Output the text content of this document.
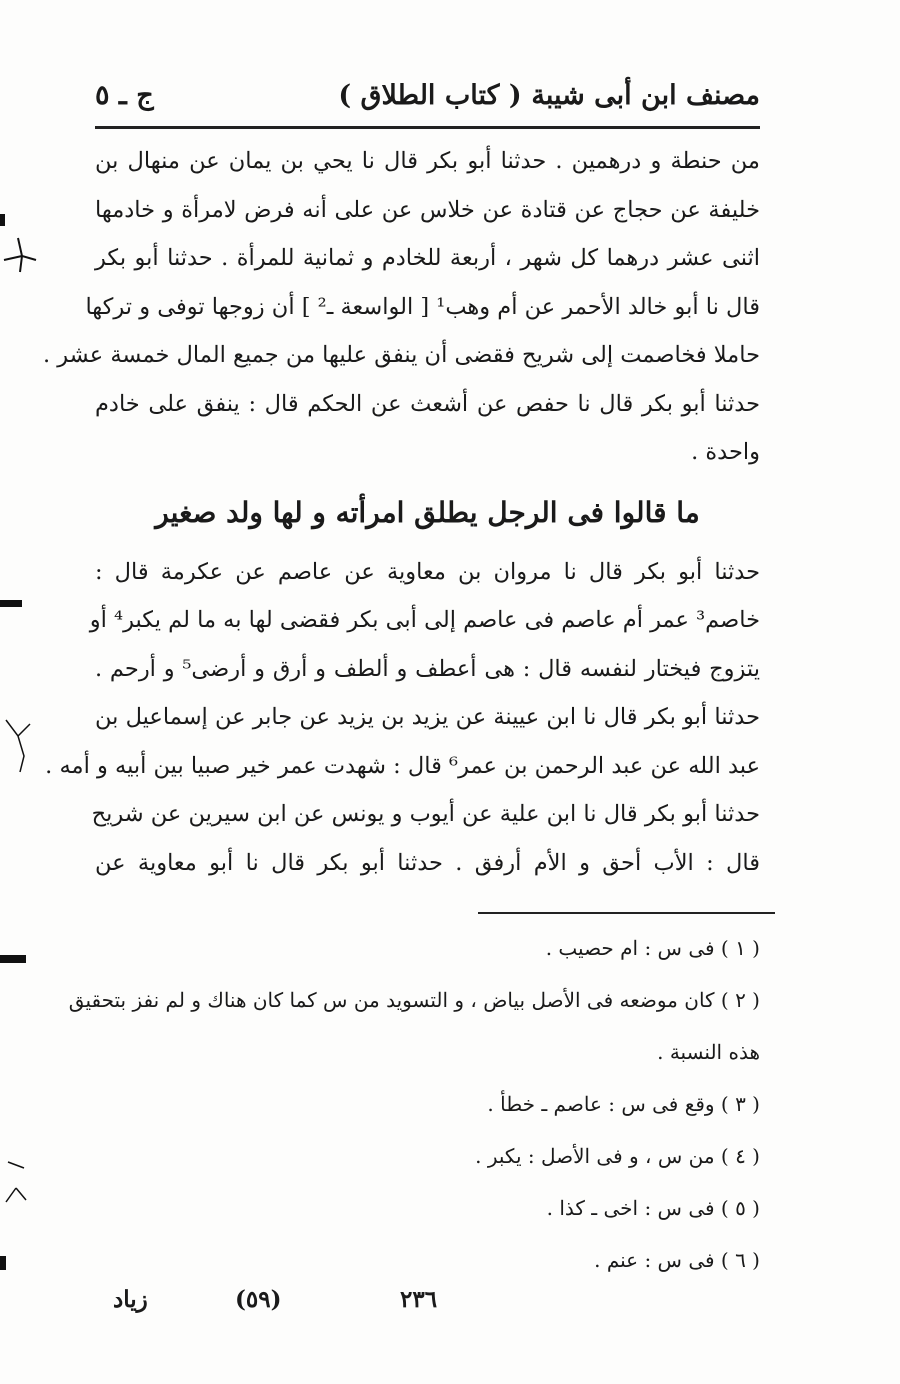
مصنف ابن أبى شيبة
( كتاب الطلاق )
ج ـ ٥
من حنطة و درهمين . حدثنا أبو بكر قال نا يحي بن يمان عن منهال بن
خليفة عن حجاج عن قتادة عن خلاس عن على أنه فرض لامرأة و خادمها
اثنى عشر درهما كل شهر ، أربعة للخادم و ثمانية للمرأة . حدثنا أبو بكر
قال نا أبو خالد الأحمر عن أم وهب¹ [ الواسعة ـ² ] أن زوجها توفى و تركها
حاملا فخاصمت إلى شريح فقضى أن ينفق عليها من جميع المال خمسة عشر .
حدثنا أبو بكر قال نا حفص عن أشعث عن الحكم قال : ينفق على خادم
واحدة .
ما قالوا فى الرجل يطلق امرأته و لها ولد صغير
حدثنا أبو بكر قال نا مروان بن معاوية عن عاصم عن عكرمة قال :
خاصم³ عمر أم عاصم فى عاصم إلى أبى بكر فقضى لها به ما لم يكبر⁴ أو
يتزوج فيختار لنفسه قال : هى أعطف و ألطف و أرق و أرضى⁵ و أرحم .
حدثنا أبو بكر قال نا ابن عيينة عن يزيد بن يزيد عن جابر عن إسماعيل بن
عبد الله عن عبد الرحمن بن عمر⁶ قال : شهدت عمر خير صبيا بين أبيه و أمه .
حدثنا أبو بكر قال نا ابن علية عن أيوب و يونس عن ابن سيرين عن شريح
قال : الأب أحق و الأم أرفق . حدثنا أبو بكر قال نا أبو معاوية عن
( ١ ) فى س : ام حصيب .
( ٢ ) كان موضعه فى الأصل بياض ، و التسويد من س كما كان هناك و لم نفز بتحقيق
هذه النسبة .
( ٣ ) وقع فى س : عاصم ـ خطأ .
( ٤ ) من س ، و فى الأصل : يكبر .
( ٥ ) فى س : اخى ـ كذا .
( ٦ ) فى س : عنم .
٢٣٦
(٥٩)
زياد
